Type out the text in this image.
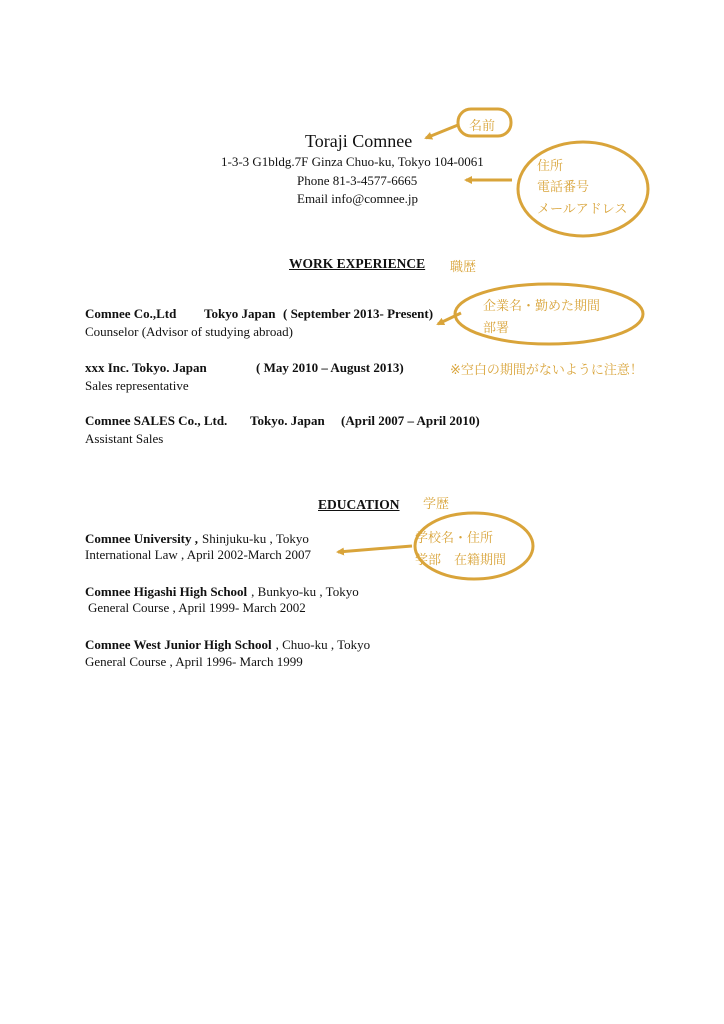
Toraji Comnee
1-3-3 G1bldg.7F Ginza Chuo-ku, Tokyo 104-0061
Phone 81-3-4577-6665
Email info@comnee.jp
WORK EXPERIENCE
Comnee Co.,Ltd Tokyo Japan ( September 2013- Present)
Counselor (Advisor of studying abroad)
xxx Inc. Tokyo. Japan	( May 2010 – August 2013)
Sales representative
Comnee SALES Co., Ltd. Tokyo. Japan (April 2007 – April 2010)
Assistant Sales
EDUCATION
Comnee University , Shinjuku-ku , Tokyo
International Law , April 2002-March 2007
Comnee Higashi High School , Bunkyo-ku , Tokyo
General Course , April 1999- March 2002
Comnee West Junior High School , Chuo-ku , Tokyo
General Course , April 1996- March 1999
名前
住所
電話番号
メールアドレス
職歴
企業名・勤めた期間
部署
※空白の期間がないように注意！
学歴
学校名・住所
学部　在籍期間
